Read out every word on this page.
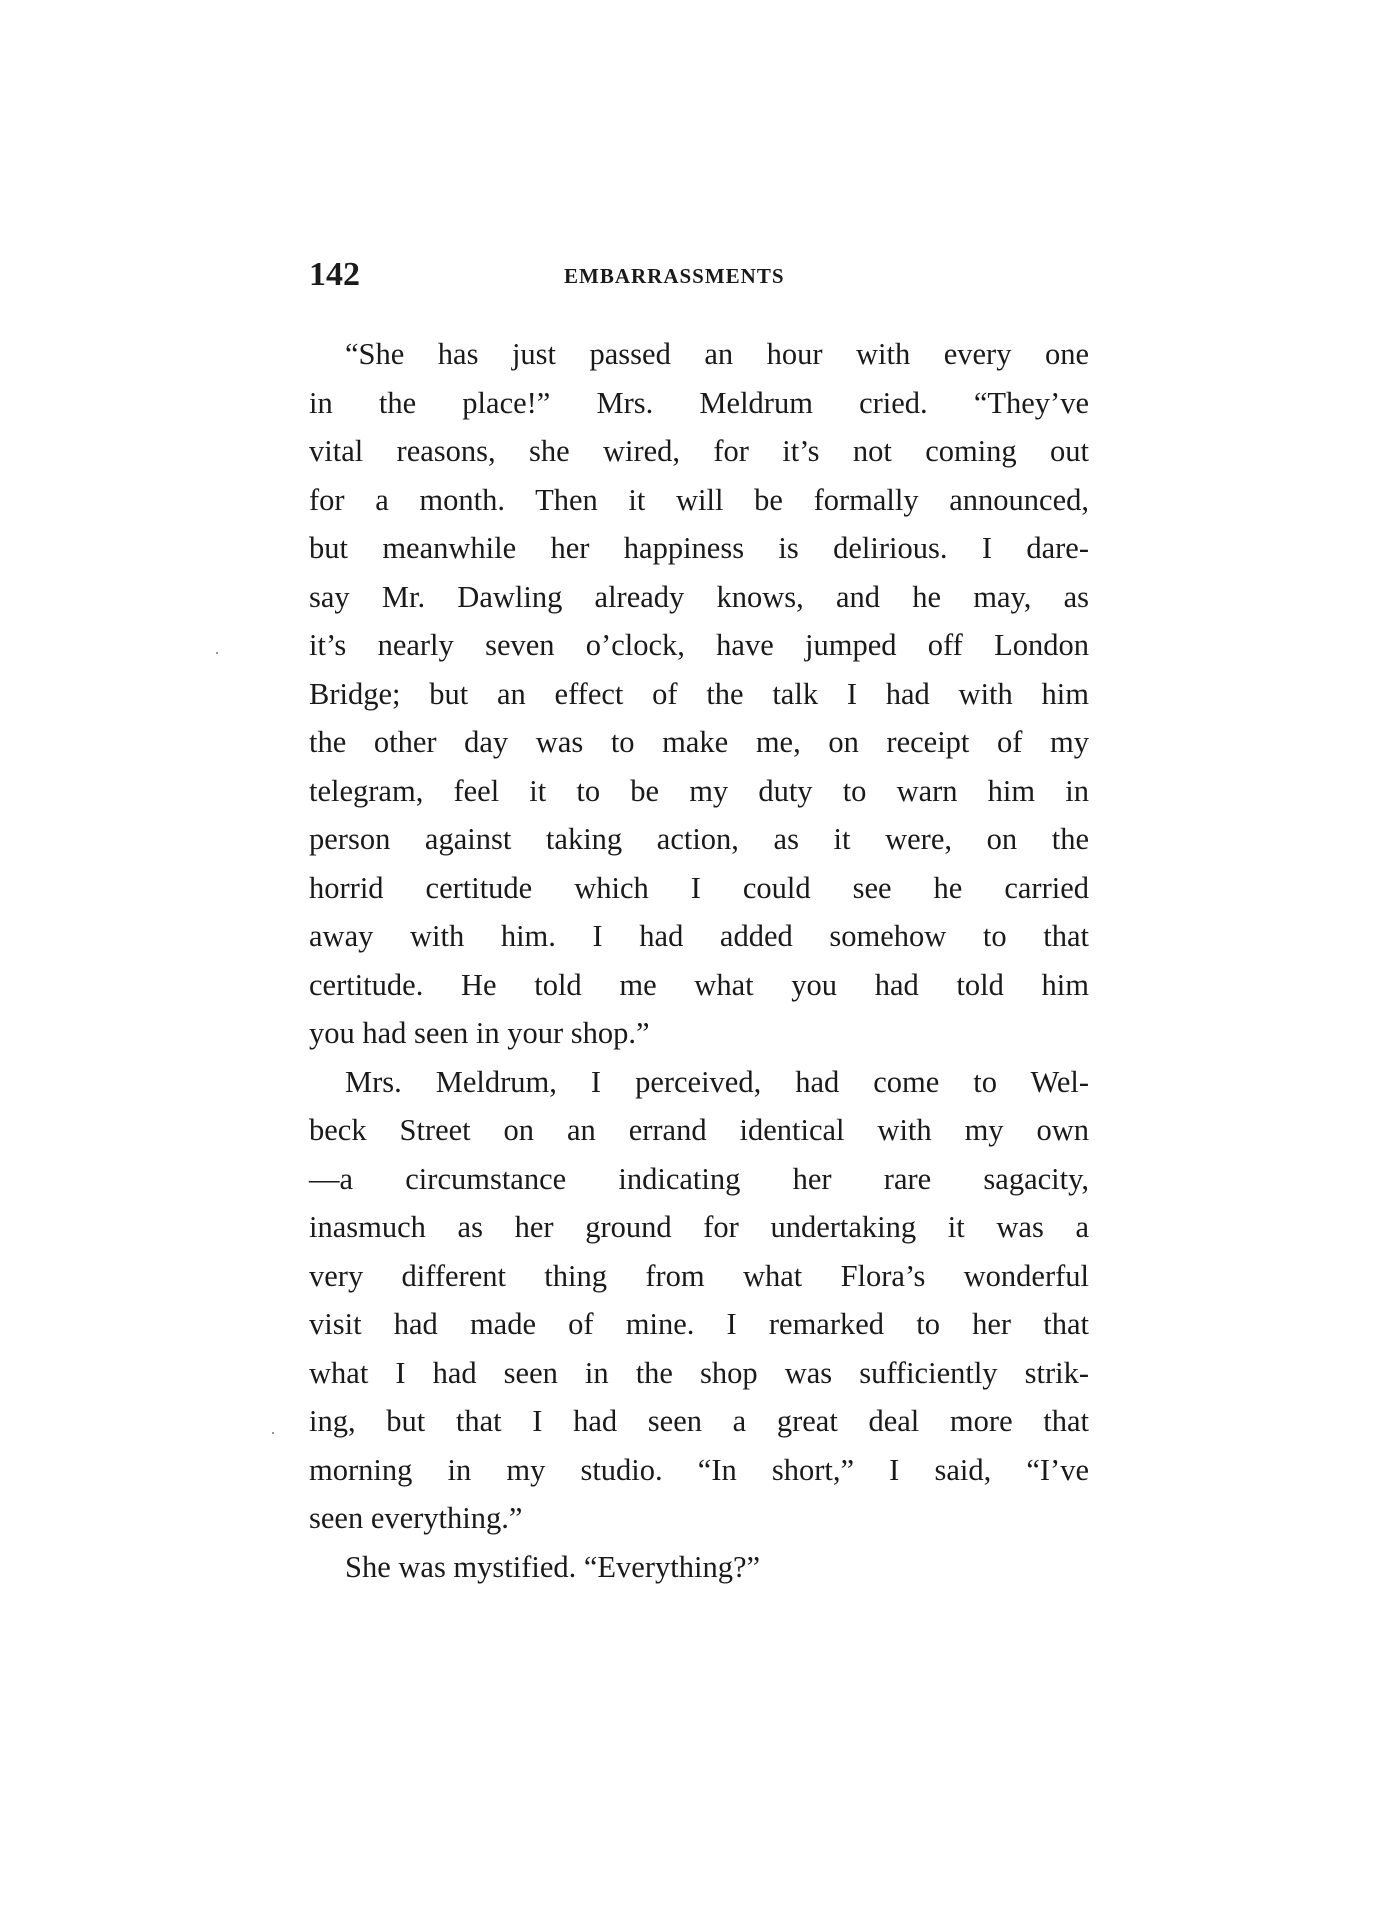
142	EMBARRASSMENTS
“She has just passed an hour with every one
in the place!” Mrs. Meldrum cried. “They’ve
vital reasons, she wired, for it’s not coming out
for a month. Then it will be formally announced,
but meanwhile her happiness is delirious. I dare-
say Mr. Dawling already knows, and he may, as
it’s nearly seven o’clock, have jumped off London
Bridge; but an effect of the talk I had with him
the other day was to make me, on receipt of my
telegram, feel it to be my duty to warn him in
person against taking action, as it were, on the
horrid certitude which I could see he carried
away with him. I had added somehow to that
certitude. He told me what you had told him
you had seen in your shop.”
Mrs. Meldrum, I perceived, had come to Wel-
beck Street on an errand identical with my own
—a circumstance indicating her rare sagacity,
inasmuch as her ground for undertaking it was a
very different thing from what Flora’s wonderful
visit had made of mine. I remarked to her that
what I had seen in the shop was sufficiently strik-
ing, but that I had seen a great deal more that
morning in my studio. “In short,” I said, “I’ve
seen everything.”
She was mystified. “Everything?”
